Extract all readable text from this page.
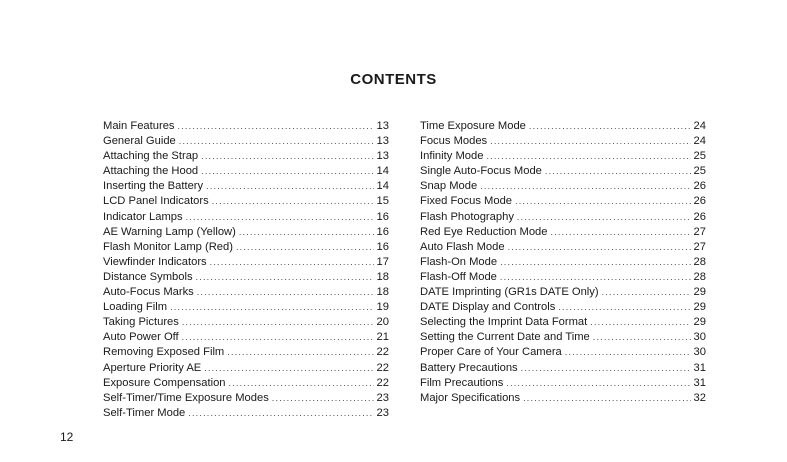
CONTENTS
Main Features .....	13
General Guide .....	13
Attaching the Strap .....	13
Attaching the Hood .....	14
Inserting the Battery .....	14
LCD Panel Indicators .....	15
Indicator Lamps .....	16
AE Warning Lamp (Yellow) .....	16
Flash Monitor Lamp (Red) .....	16
Viewfinder Indicators .....	17
Distance Symbols .....	18
Auto-Focus Marks .....	18
Loading Film .....	19
Taking Pictures .....	20
Auto Power Off .....	21
Removing Exposed Film .....	22
Aperture Priority AE .....	22
Exposure Compensation .....	22
Self-Timer/Time Exposure Modes .....	23
Self-Timer Mode .....	23
Time Exposure Mode .....	24
Focus Modes .....	24
Infinity Mode .....	25
Single Auto-Focus Mode .....	25
Snap Mode .....	26
Fixed Focus Mode .....	26
Flash Photography .....	26
Red Eye Reduction Mode .....	27
Auto Flash Mode .....	27
Flash-On Mode .....	28
Flash-Off Mode .....	28
DATE Imprinting (GR1s DATE Only) .....	29
DATE Display and Controls .....	29
Selecting the Imprint Data Format .....	29
Setting the Current Date and Time .....	30
Proper Care of Your Camera .....	30
Battery Precautions .....	31
Film Precautions .....	31
Major Specifications .....	32
12
